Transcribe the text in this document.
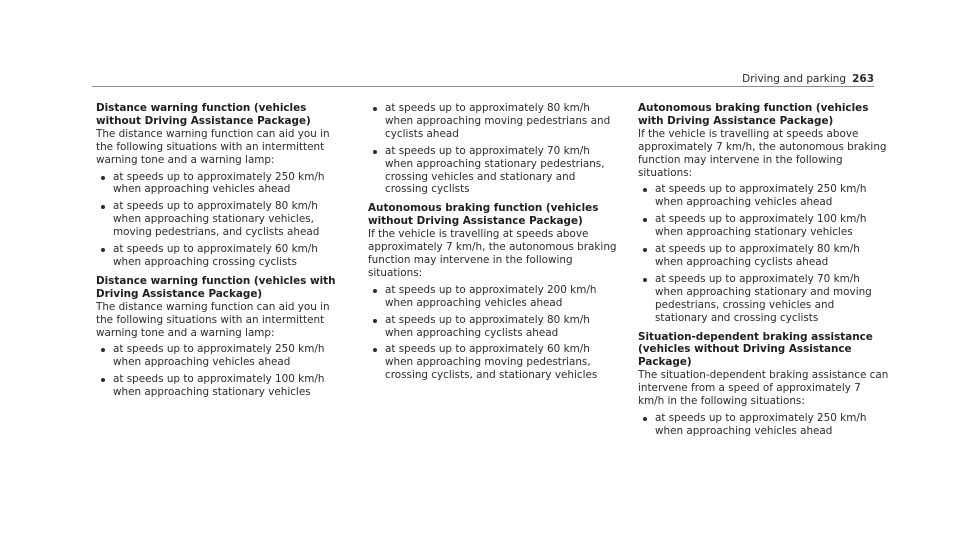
Driving and parking 263
Distance warning function (vehicles without Driving Assistance Package)

The distance warning function can aid you in the following situations with an intermittent warning tone and a warning lamp:

at speeds up to approximately 250 km/h when approaching vehicles ahead
at speeds up to approximately 80 km/h when approaching stationary vehicles, moving pedestrians, and cyclists ahead
at speeds up to approximately 60 km/h when approaching crossing cyclists
Distance warning function (vehicles with Driving Assistance Package)

The distance warning function can aid you in the following situations with an intermittent warning tone and a warning lamp:

at speeds up to approximately 250 km/h when approaching vehicles ahead
at speeds up to approximately 100 km/h when approaching stationary vehicles
at speeds up to approximately 80 km/h when approaching moving pedestrians and cyclists ahead
at speeds up to approximately 70 km/h when approaching stationary pedestrians, crossing vehicles and stationary and crossing cyclists
Autonomous braking function (vehicles without Driving Assistance Package)

If the vehicle is travelling at speeds above approximately 7 km/h, the autonomous braking function may intervene in the following situations:

at speeds up to approximately 200 km/h when approaching vehicles ahead
at speeds up to approximately 80 km/h when approaching cyclists ahead
at speeds up to approximately 60 km/h when approaching moving pedestrians, crossing cyclists, and stationary vehicles
Autonomous braking function (vehicles with Driving Assistance Package)

If the vehicle is travelling at speeds above approximately 7 km/h, the autonomous braking function may intervene in the following situations:

at speeds up to approximately 250 km/h when approaching vehicles ahead
at speeds up to approximately 100 km/h when approaching stationary vehicles
at speeds up to approximately 80 km/h when approaching cyclists ahead
at speeds up to approximately 70 km/h when approaching stationary and moving pedestrians, crossing vehicles and stationary and crossing cyclists
Situation-dependent braking assistance (vehicles without Driving Assistance Package)

The situation-dependent braking assistance can intervene from a speed of approximately 7 km/h in the following situations:

at speeds up to approximately 250 km/h when approaching vehicles ahead
